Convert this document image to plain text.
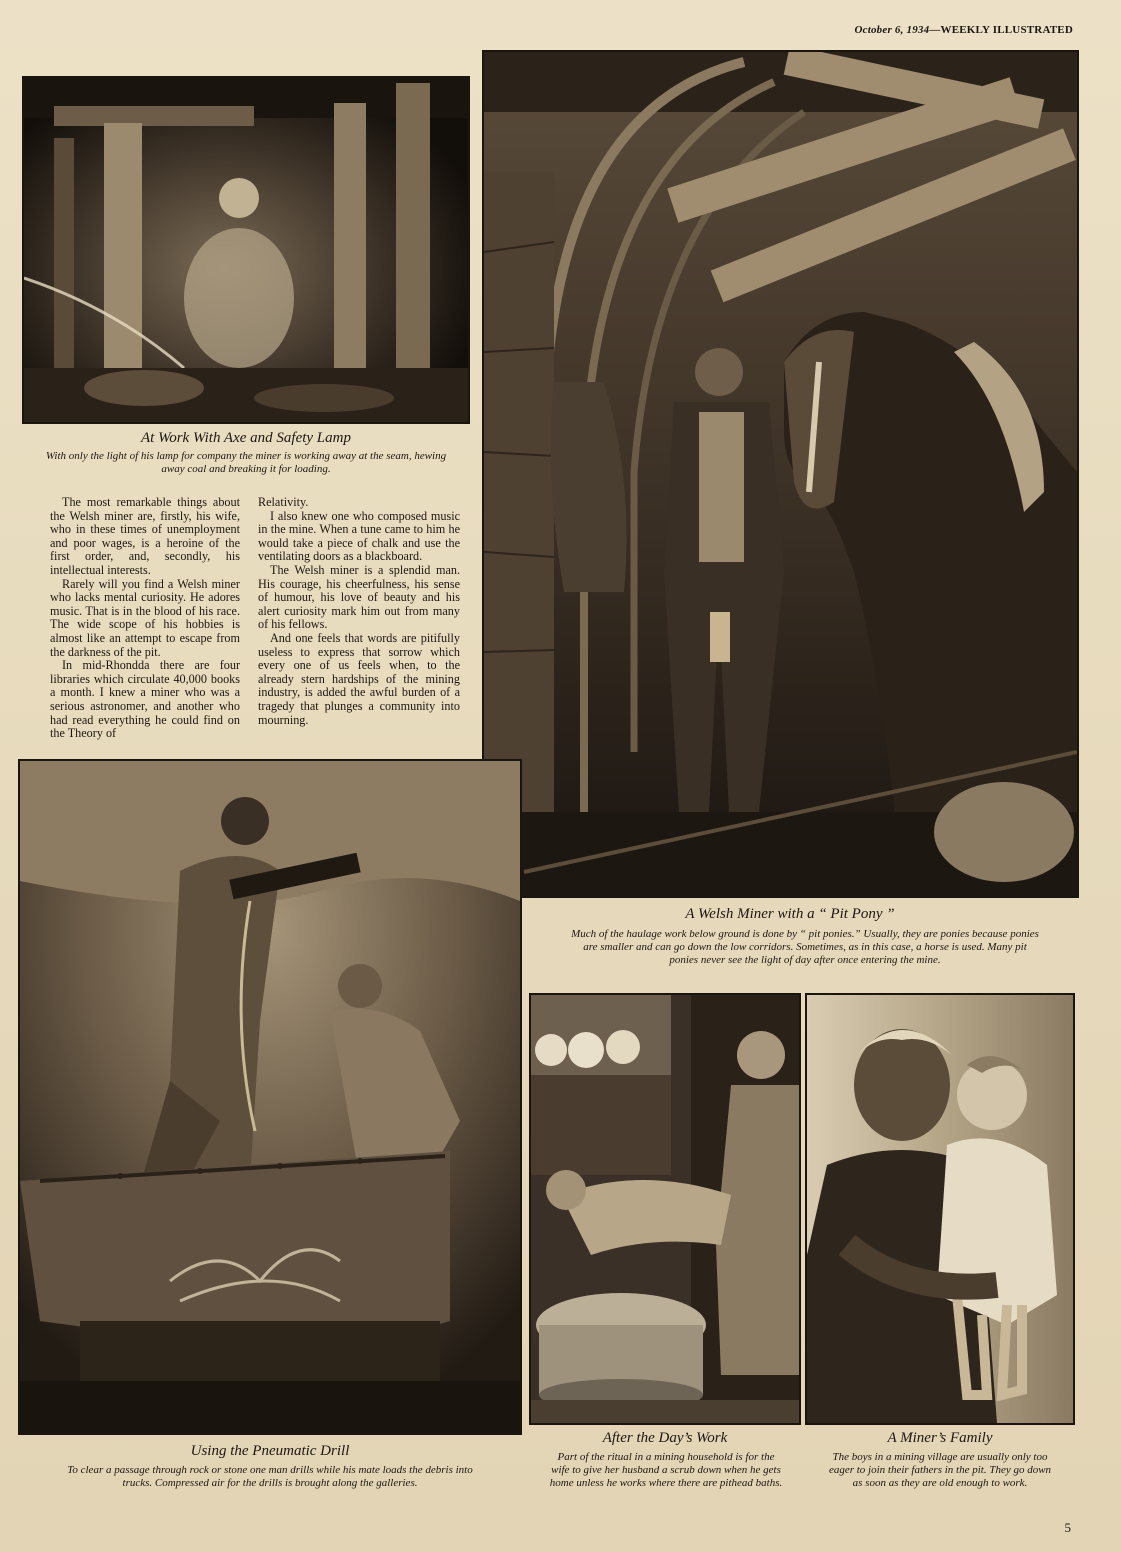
October 6, 1934—WEEKLY ILLUSTRATED
At Work With Axe and Safety Lamp
With only the light of his lamp for company the miner is working away at the seam, hewing away coal and breaking it for loading.

The most remarkable things about the Welsh miner are, firstly, his wife, who in these times of unemployment and poor wages, is a heroine of the first order, and, secondly, his intellectual interests.

Rarely will you find a Welsh miner who lacks mental curiosity. He adores music. That is in the blood of his race. The wide scope of his hobbies is almost like an attempt to escape from the darkness of the pit.

In mid-Rhondda there are four libraries which circulate 40,000 books a month. I knew a miner who was a serious astronomer, and another who had read everything he could find on the Theory of

Relativity.

I also knew one who composed music in the mine. When a tune came to him he would take a piece of chalk and use the ventilating doors as a blackboard.

The Welsh miner is a splendid man. His courage, his cheerfulness, his sense of humour, his love of beauty and his alert curiosity mark him out from many of his fellows.

And one feels that words are pitifully useless to express that sorrow which every one of us feels when, to the already stern hardships of the mining industry, is added the awful burden of a tragedy that plunges a community into mourning.

A Welsh Miner with a “ Pit Pony ”
Much of the haulage work below ground is done by “ pit ponies.” Usually, they are ponies because ponies are smaller and can go down the low corridors. Sometimes, as in this case, a horse is used. Many pit ponies never see the light of day after once entering the mine.
Using the Pneumatic Drill
To clear a passage through rock or stone one man drills while his mate loads the debris into trucks. Compressed air for the drills is brought along the galleries.
After the Day’s Work
Part of the ritual in a mining household is for the wife to give her husband a scrub down when he gets home unless he works where there are pithead baths.
A Miner’s Family
The boys in a mining village are usually only too eager to join their fathers in the pit. They go down as soon as they are old enough to work.
5
